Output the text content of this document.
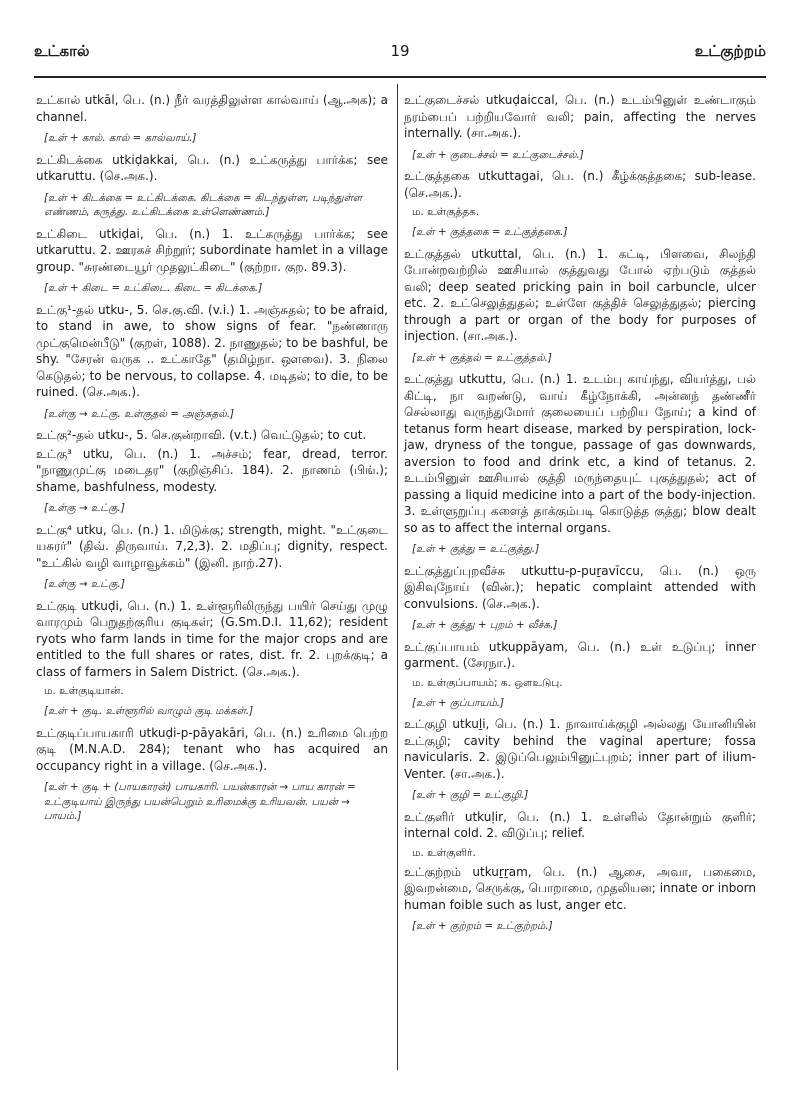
உட்கால்	19	உட்குற்றம்
உட்கால் utkāl, பெ. (n.) நீர் வரத்திலுள்ள கால்வாய் (ஆ.அக); a channel.
[உள் + கால். கால் = கால்வாய்.]
உட்கிடக்கை utkiḍakkai, பெ. (n.) உட்கருத்து பார்க்க; see utkaruttu. (செ.அக.).
[உள் + கிடக்கை = உட்கிடக்கை. கிடக்கை = கிடந்துள்ள, படிந்துள்ள எண்ணம், கருத்து. உட்கிடக்கை உள்ளெண்ணம்.]
உட்கிடை utkiḍai, பெ. (n.) 1. உட்கருத்து பார்க்க; see utkaruttu. 2. ஊரகச் சிற்றூர்; subordinate hamlet in a village group. "சுரண்டையூர் முதலுட்கிடை" (குற்றா. குற. 89.3).
[உள் + கிடை = உட்கிடை. கிடை = கிடக்கை.]
உட்கு¹-தல் utku-, 5. செ.கு.வி. (v.i.) 1. அஞ்சுதல்; to be afraid, to stand in awe, to show signs of fear. "நண்ணாரு முட்குமென்பீடு" (குறள், 1088). 2. நாணுதல்; to be bashful, be shy. "சேரன் வருக .. உட்காதே" (தமிழ்நா. ஔவை). 3. நிலை கெடுதல்; to be nervous, to collapse. 4. மடிதல்; to die, to be ruined. (செ.அக.).
[உள்கு → உட்கு. உள்குதல் = அஞ்சுதல்.]
உட்கு²-தல் utku-, 5. செ.குன்றாவி. (v.t.) வெட்டுதல்; to cut.
உட்கு³ utku, பெ. (n.) 1. அச்சம்; fear, dread, terror. "நாணுமுட்கு மடைதர" (குறிஞ்சிப். 184). 2. நாணம் (பிங்.); shame, bashfulness, modesty.
[உள்கு → உட்கு.]
உட்கு⁴ utku, பெ. (n.) 1. மிடுக்கு; strength, might. "உட்குடை யசுரர்" (திவ். திருவாய். 7,2,3). 2. மதிப்பு; dignity, respect. "உட்கில் வழி வாழாவூக்கம்" (இனி. நாற்.27).
[உள்கு → உட்கு.]
உட்குடி utkuḍi, பெ. (n.) 1. உள்ளூரிலிருந்து பயிர் செய்து முழு வாரமும் பெறுதற்குரிய குடிகள்; (G.Sm.D.I. 11,62); resident ryots who farm lands in time for the major crops and are entitled to the full shares or rates, dist. fr. 2. புறக்குடி; a class of farmers in Salem District. (செ.அக.).
ம. உள்குடியான்.
[உள் + குடி. உள்ளூரில் வாழும் குடி மக்கள்.]
உட்குடிப்பாயகாரி utkuḍi-p-pāyakāri, பெ. (n.) உரிமை பெற்ற குடி (M.N.A.D. 284); tenant who has acquired an occupancy right in a village. (செ.அக.).
[உள் + குடி + (பாயகாரன்) பாயகாரி. பயன்காரன் → பாய காரன் = உட்குடியாய் இருந்து பயன்பெறும் உரிமைக்கு உரியவன். பயன் → பாயம்.]
உட்குடைச்சல் utkuḍaiccal, பெ. (n.) உடம்பினுள் உண்டாகும் நரம்பைப் பற்றியவோர் வலி; pain, affecting the nerves internally. (சா.அக.).
[உள் + குடைச்சல் = உட்குடைச்சல்.]
உட்குத்தகை utkuttagai, பெ. (n.) கீழ்க்குத்தகை; sub-lease. (செ.அக.).
ம. உள்குத்தக.
[உள் + குத்தகை = உட்குத்தகை.]
உட்குத்தல் utkuttal, பெ. (n.) 1. கட்டி, பிளவை, சிலந்தி போன்றவற்றில் ஊசியால் குத்துவது போல் ஏற்படும் குத்தல் வலி; deep seated pricking pain in boil carbuncle, ulcer etc. 2. உட்செலுத்துதல்; உள்ளே குத்திச் செலுத்துதல்; piercing through a part or organ of the body for purposes of injection. (சா.அக.).
[உள் + குத்தல் = உட்குத்தல்.]
உட்குத்து utkuttu, பெ. (n.) 1. உடம்பு காய்ந்து, வியர்த்து, பல் கிட்டி, நா வறண்டு, வாய் கீழ்நோக்கி, அன்னந் தண்ணீர் செல்லாது வருந்துமோர் குலையைப் பற்றிய நோய்; a kind of tetanus form heart disease, marked by perspiration, lock-jaw, dryness of the tongue, passage of gas downwards, aversion to food and drink etc, a kind of tetanus. 2. உடம்பினுள் ஊசியால் குத்தி மருந்தையுட் புகுத்துதல்; act of passing a liquid medicine into a part of the body-injection. 3. உள்ளுறுப்பு களைத் தாக்கும்படி கொடுத்த குத்து; blow dealt so as to affect the internal organs.
[உள் + குத்து = உட்குத்து.]
உட்குத்துப்புறவீச்சு utkuttu-p-puṟavīccu, பெ. (n.) ஒரு இசிவுநோய் (வின்.); hepatic complaint attended with convulsions. (செ.அக.).
[உள் + குத்து + புறம் + வீச்சு.]
உட்குப்பாயம் utkuppāyam, பெ. (n.) உள் உடுப்பு; inner garment. (சேரநா.).
ம. உள்குப்பாயம்; க. ஒளஉடுபு.
[உள் + குப்பாயம்.]
உட்குழி utkuḻi, பெ. (n.) 1. நாவாய்க்குழி அல்லது யோனியின் உட்குழி; cavity behind the vaginal aperture; fossa navicularis. 2. இடுப்பெலும்பினுட்புறம்; inner part of ilium-Venter. (சா.அக.).
[உள் + குழி = உட்குழி.]
உட்குளிர் utkuḷir, பெ. (n.) 1. உள்ளில் தோன்றும் குளிர்; internal cold. 2. விடுப்பு; relief.
ம. உள்குளிர்.
உட்குற்றம் utkuṟṟam, பெ. (n.) ஆசை, அவா, பகைமை, இவறன்மை, செருக்கு, பொறாமை, முதலியன; innate or inborn human foible such as lust, anger etc.
[உள் + குற்றம் = உட்குற்றம்.]
